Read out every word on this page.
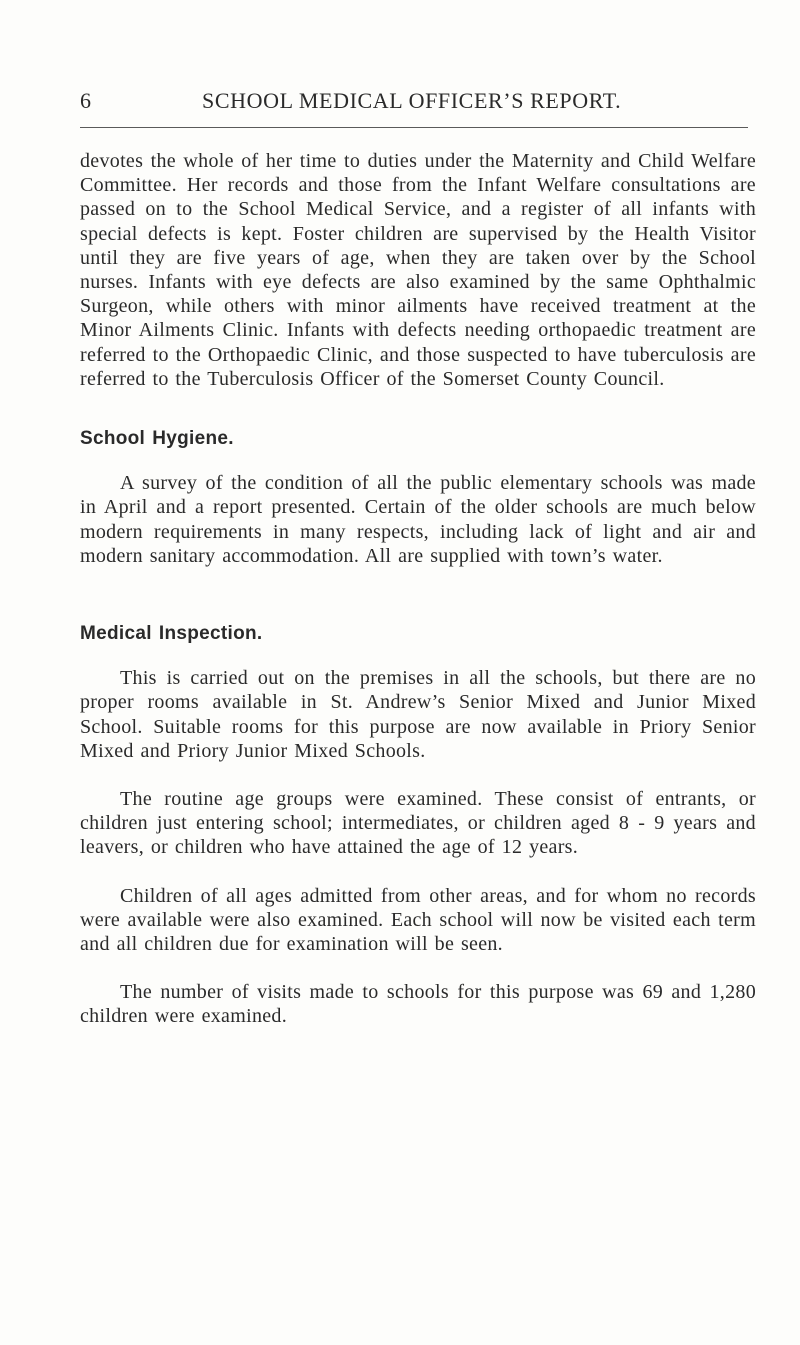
6	SCHOOL MEDICAL OFFICER’S REPORT.

devotes the whole of her time to duties under the Maternity and Child Welfare Committee. Her records and those from the Infant Welfare consultations are passed on to the School Medical Service, and a register of all infants with special defects is kept. Foster children are supervised by the Health Visitor until they are five years of age, when they are taken over by the School nurses. Infants with eye defects are also examined by the same Ophthalmic Surgeon, while others with minor ailments have received treatment at the Minor Ailments Clinic. Infants with defects needing orthopaedic treatment are referred to the Orthopaedic Clinic, and those suspected to have tuberculosis are referred to the Tuberculosis Officer of the Somerset County Council.

School Hygiene.

A survey of the condition of all the public elementary schools was made in April and a report presented. Certain of the older schools are much below modern requirements in many respects, including lack of light and air and modern sanitary accommodation. All are supplied with town’s water.

Medical Inspection.

This is carried out on the premises in all the schools, but there are no proper rooms available in St. Andrew’s Senior Mixed and Junior Mixed School. Suitable rooms for this purpose are now available in Priory Senior Mixed and Priory Junior Mixed Schools.

The routine age groups were examined. These consist of entrants, or children just entering school; intermediates, or children aged 8 - 9 years and leavers, or children who have attained the age of 12 years.

Children of all ages admitted from other areas, and for whom no records were available were also examined. Each school will now be visited each term and all children due for examination will be seen.

The number of visits made to schools for this purpose was 69 and 1,280 children were examined.
